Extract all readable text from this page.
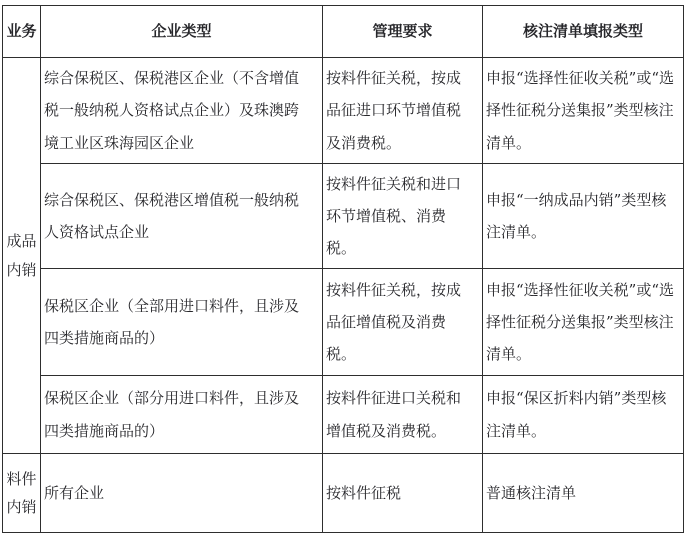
业务	企业类型	管理要求	核注清单填报类型
成品内销	综合保税区、保税港区企业（不含增值税一般纳税人资格试点企业）及珠澳跨境工业区珠海园区企业	按料件征关税，按成品征进口环节增值税及消费税。	申报“选择性征收关税”或“选择性征税分送集报”类型核注清单。
	综合保税区、保税港区增值税一般纳税人资格试点企业	按料件征关税和进口环节增值税、消费税。	申报“一纳成品内销”类型核注清单。
	保税区企业（全部用进口料件，且涉及四类措施商品的）	按料件征关税，按成品征增值税及消费税。	申报“选择性征收关税”或“选择性征税分送集报”类型核注清单。
	保税区企业（部分用进口料件，且涉及四类措施商品的）	按料件征进口关税和增值税及消费税。	申报“保区折料内销”类型核注清单。
料件内销	所有企业	按料件征税	普通核注清单
